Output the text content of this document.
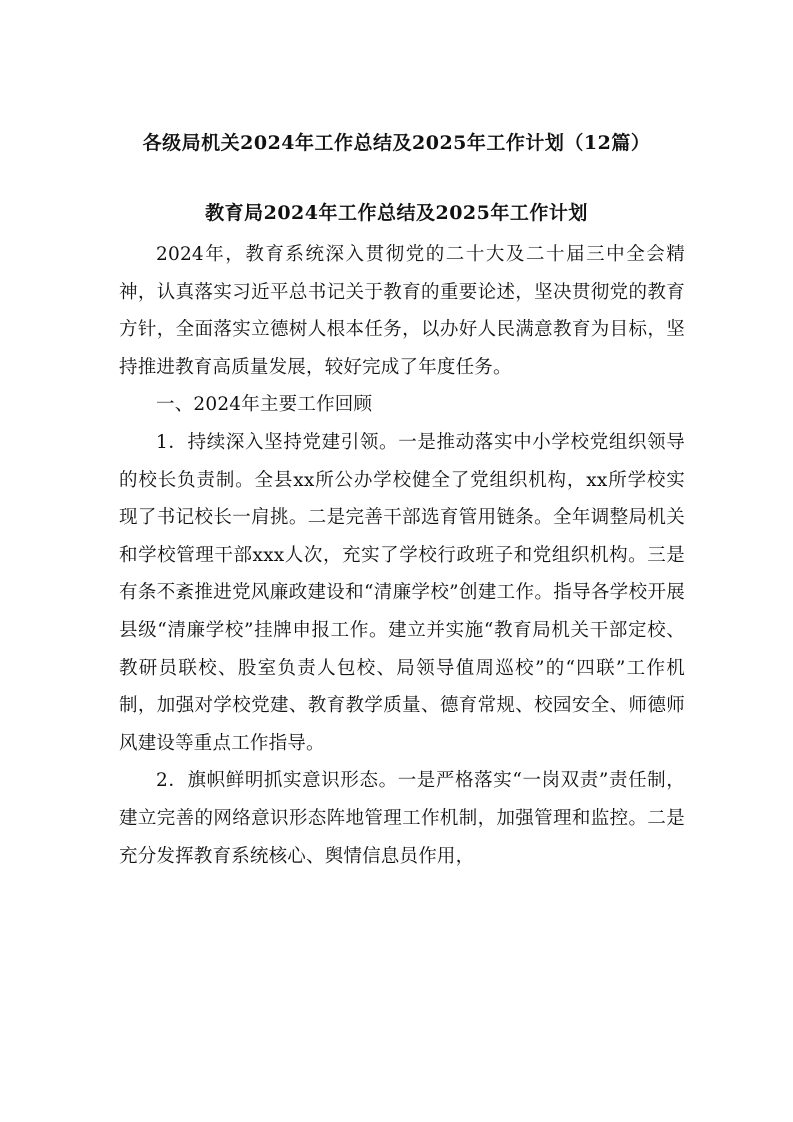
各级局机关2024年工作总结及2025年工作计划（12篇）
教育局2024年工作总结及2025年工作计划

2024年，教育系统深入贯彻党的二十大及二十届三中全会精神，认真落实习近平总书记关于教育的重要论述，坚决贯彻党的教育方针，全面落实立德树人根本任务，以办好人民满意教育为目标，坚持推进教育高质量发展，较好完成了年度任务。

一、2024年主要工作回顾

1．持续深入坚持党建引领。一是推动落实中小学校党组织领导的校长负责制。全县xx所公办学校健全了党组织机构，xx所学校实现了书记校长一肩挑。二是完善干部选育管用链条。全年调整局机关和学校管理干部xxx人次，充实了学校行政班子和党组织机构。三是有条不紊推进党风廉政建设和“清廉学校”创建工作。指导各学校开展县级“清廉学校”挂牌申报工作。建立并实施“教育局机关干部定校、教研员联校、股室负责人包校、局领导值周巡校”的“四联”工作机制，加强对学校党建、教育教学质量、德育常规、校园安全、师德师风建设等重点工作指导。

2．旗帜鲜明抓实意识形态。一是严格落实“一岗双责”责任制，建立完善的网络意识形态阵地管理工作机制，加强管理和监控。二是充分发挥教育系统核心、舆情信息员作用，
